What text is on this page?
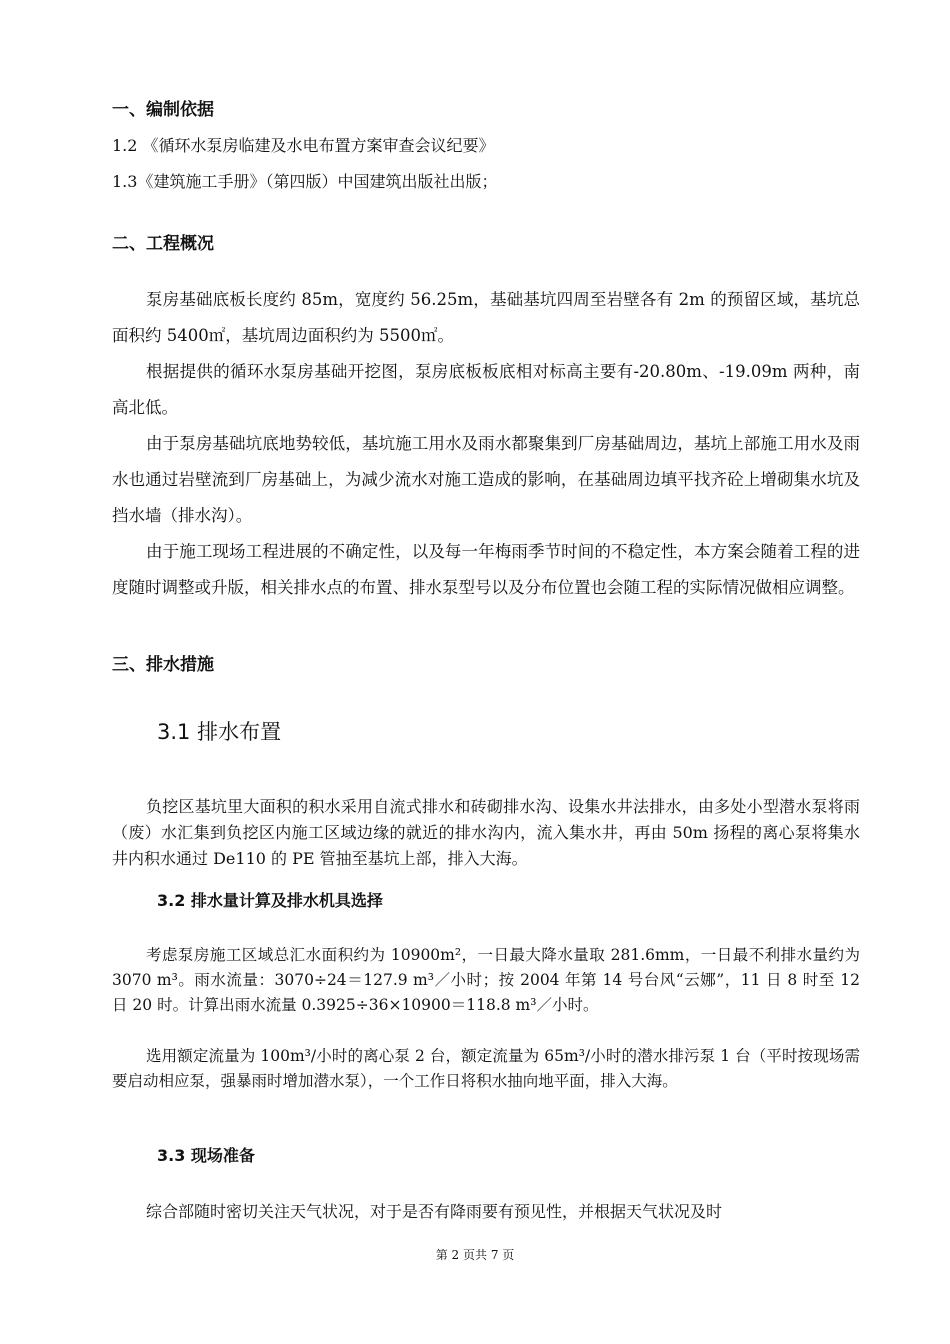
一、编制依据
1.2 《循环水泵房临建及水电布置方案审查会议纪要》
1.3《建筑施工手册》（第四版）中国建筑出版社出版；
二、工程概况

泵房基础底板长度约 85m，宽度约 56.25m，基础基坑四周至岩壁各有 2m 的预留区域，基坑总面积约 5400㎡，基坑周边面积约为 5500㎡。

根据提供的循环水泵房基础开挖图，泵房底板板底相对标高主要有-20.80m、-19.09m 两种，南高北低。

由于泵房基础坑底地势较低，基坑施工用水及雨水都聚集到厂房基础周边，基坑上部施工用水及雨水也通过岩壁流到厂房基础上，为减少流水对施工造成的影响，在基础周边填平找齐砼上增砌集水坑及挡水墙（排水沟）。

由于施工现场工程进展的不确定性，以及每一年梅雨季节时间的不稳定性，本方案会随着工程的进度随时调整或升版，相关排水点的布置、排水泵型号以及分布位置也会随工程的实际情况做相应调整。

三、排水措施
3.1 排水布置

负挖区基坑里大面积的积水采用自流式排水和砖砌排水沟、设集水井法排水，由多处小型潜水泵将雨（废）水汇集到负挖区内施工区域边缘的就近的排水沟内，流入集水井，再由 50m 扬程的离心泵将集水井内积水通过 De110 的 PE 管抽至基坑上部，排入大海。

3.2 排水量计算及排水机具选择

考虑泵房施工区域总汇水面积约为 10900m²，一日最大降水量取 281.6mm，一日最不利排水量约为 3070 m³。雨水流量：3070÷24＝127.9 m³／小时；按 2004 年第 14 号台风“云娜”，11 日 8 时至 12 日 20 时。计算出雨水流量 0.3925÷36×10900＝118.8 m³／小时。

选用额定流量为 100m³/小时的离心泵 2 台，额定流量为 65m³/小时的潜水排污泵 1 台（平时按现场需要启动相应泵，强暴雨时增加潜水泵），一个工作日将积水抽向地平面，排入大海。

3.3 现场准备

综合部随时密切关注天气状况，对于是否有降雨要有预见性，并根据天气状况及时

第 2 页共 7 页
